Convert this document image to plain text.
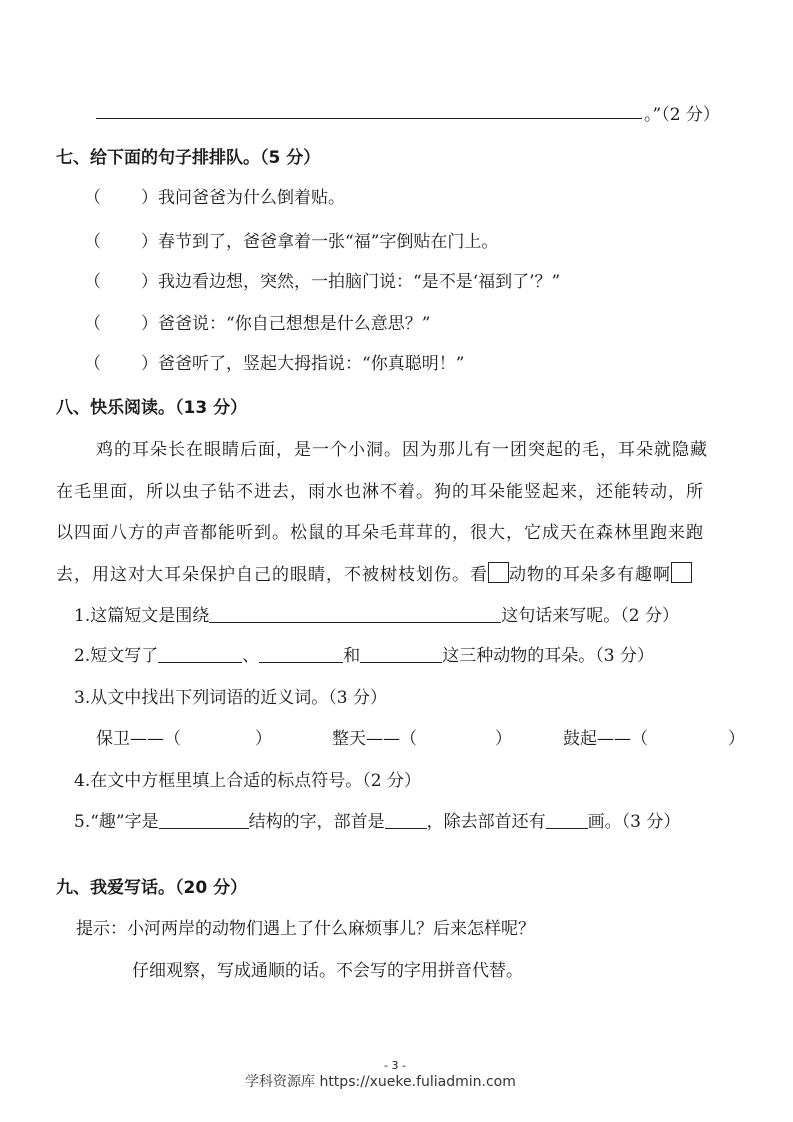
。”（2 分）
七、给下面的句子排排队。（5 分）
（ ）我问爸爸为什么倒着贴。
（ ）春节到了，爸爸拿着一张“福”字倒贴在门上。
（ ）我边看边想，突然，一拍脑门说：“是不是‘福到了’？”
（ ）爸爸说：“你自己想想是什么意思？”
（ ）爸爸听了，竖起大拇指说：“你真聪明！”
八、快乐阅读。（13 分）
鸡的耳朵长在眼睛后面，是一个小洞。因为那儿有一团突起的毛，耳朵就隐藏
在毛里面，所以虫子钻不进去，雨水也淋不着。狗的耳朵能竖起来，还能转动，所
以四面八方的声音都能听到。松鼠的耳朵毛茸茸的，很大，它成天在森林里跑来跑
去，用这对大耳朵保护自己的眼睛，不被树枝划伤。看 动物的耳朵多有趣啊
1.这篇短文是围绕	这句话来写呢。（2 分）
2.短文写了	、	和	这三种动物的耳朵。（3 分）
3.从文中找出下列词语的近义词。（3 分）
保卫——（	）	整天——（	）	鼓起——（	）
4.在文中方框里填上合适的标点符号。（2 分）
5.“趣”字是	结构的字，部首是 ，除去部首还有 画。（3 分）
九、我爱写话。（20 分）
提示：小河两岸的动物们遇上了什么麻烦事儿？后来怎样呢？
仔细观察，写成通顺的话。不会写的字用拼音代替。
- 3 -
学科资源库 https://xueke.fuliadmin.com
